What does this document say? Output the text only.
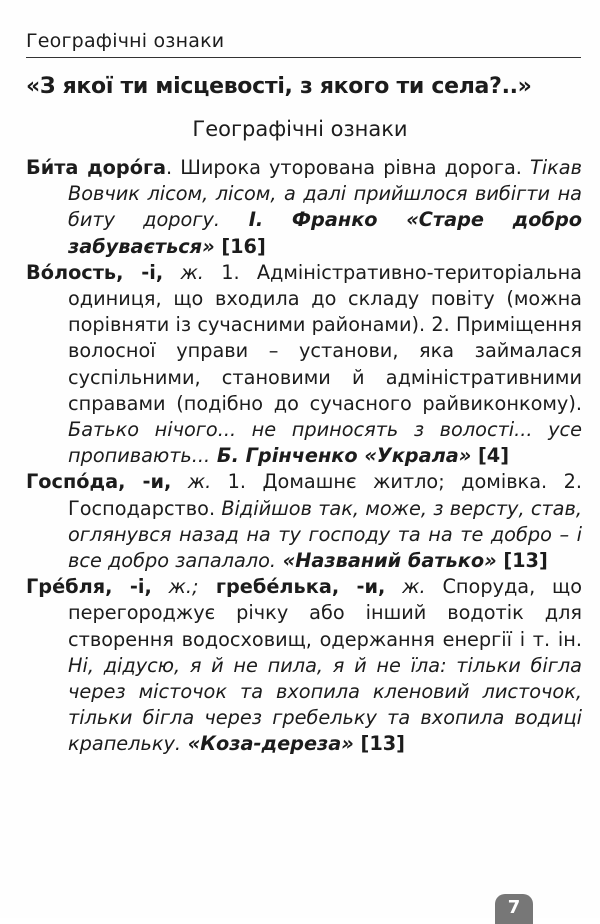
Географічні ознаки
«З якої ти місцевості, з якого ти села?..»
Географічні ознаки

Би́та доро́га. Широка уторована рівна дорога. Тікав Вовчик лісом, лісом, а далі прийшлося вибігти на биту дорогу. І. Франко «Старе добро забувається» [16]

Во́лость, -і, ж. 1. Адміністративно-територіальна одиниця, що входила до складу повіту (можна порівняти із сучасними районами). 2. Приміщення волосної управи – установи, яка займалася суспільними, становими й адміністративними справами (подібно до сучасного райвиконкому). Батько нічого... не приносять з волості... усе пропивають... Б. Грінченко «Украла» [4]

Госпо́да, -и, ж. 1. Домашнє житло; домівка. 2. Господарство. Відійшов так, може, з версту, став, оглянувся назад на ту господу та на те добро – і все добро запалало. «Названий батько» [13]

Гре́бля, -і, ж.; гребе́лька, -и, ж. Споруда, що перегороджує річку або інший водотік для створення водосховищ, одержання енергії і т. ін. Ні, дідусю, я й не пила, я й не їла: тільки бігла через місточок та вхопила кленовий листочок, тільки бігла через гребельку та вхопила водиці крапельку. «Коза-дереза» [13]

7
